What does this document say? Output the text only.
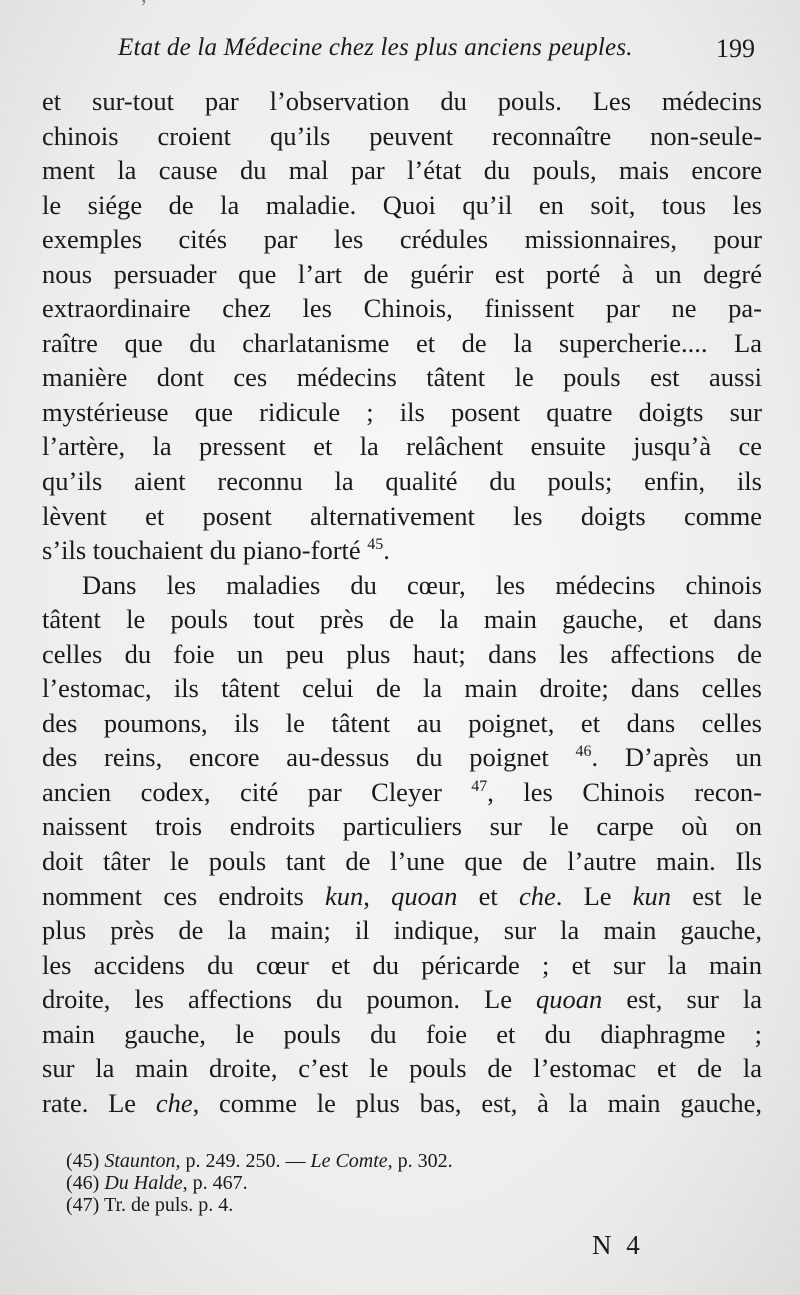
’
Etat de la Médecine chez les plus anciens peuples.	199
et sur-tout par l’observation du pouls. Les médecins
chinois croient qu’ils peuvent reconnaître non-seule-
ment la cause du mal par l’état du pouls, mais encore
le siége de la maladie. Quoi qu’il en soit, tous les
exemples cités par les crédules missionnaires, pour
nous persuader que l’art de guérir est porté à un degré
extraordinaire chez les Chinois, finissent par ne pa-
raître que du charlatanisme et de la supercherie.... La
manière dont ces médecins tâtent le pouls est aussi
mystérieuse que ridicule ; ils posent quatre doigts sur
l’artère, la pressent et la relâchent ensuite jusqu’à ce
qu’ils aient reconnu la qualité du pouls; enfin, ils
lèvent et posent alternativement les doigts comme
s’ils touchaient du piano-forté $^{45}$.
Dans les maladies du cœur, les médecins chinois
tâtent le pouls tout près de la main gauche, et dans
celles du foie un peu plus haut; dans les affections de
l’estomac, ils tâtent celui de la main droite; dans celles
des poumons, ils le tâtent au poignet, et dans celles
des reins, encore au-dessus du poignet $^{46}$. D’après un
ancien codex, cité par Cleyer $^{47}$, les Chinois recon-
naissent trois endroits particuliers sur le carpe où on
doit tâter le pouls tant de l’une que de l’autre main. Ils
nomment ces endroits kun, quoan et che. Le kun est le
plus près de la main; il indique, sur la main gauche,
les accidens du cœur et du péricarde ; et sur la main
droite, les affections du poumon. Le quoan est, sur la
main gauche, le pouls du foie et du diaphragme ;
sur la main droite, c’est le pouls de l’estomac et de la
rate. Le che, comme le plus bas, est, à la main gauche,
(45) Staunton, p. 249. 250. — Le Comte, p. 302.
(46) Du Halde, p. 467.
(47) Tr. de puls. p. 4.
N 4
